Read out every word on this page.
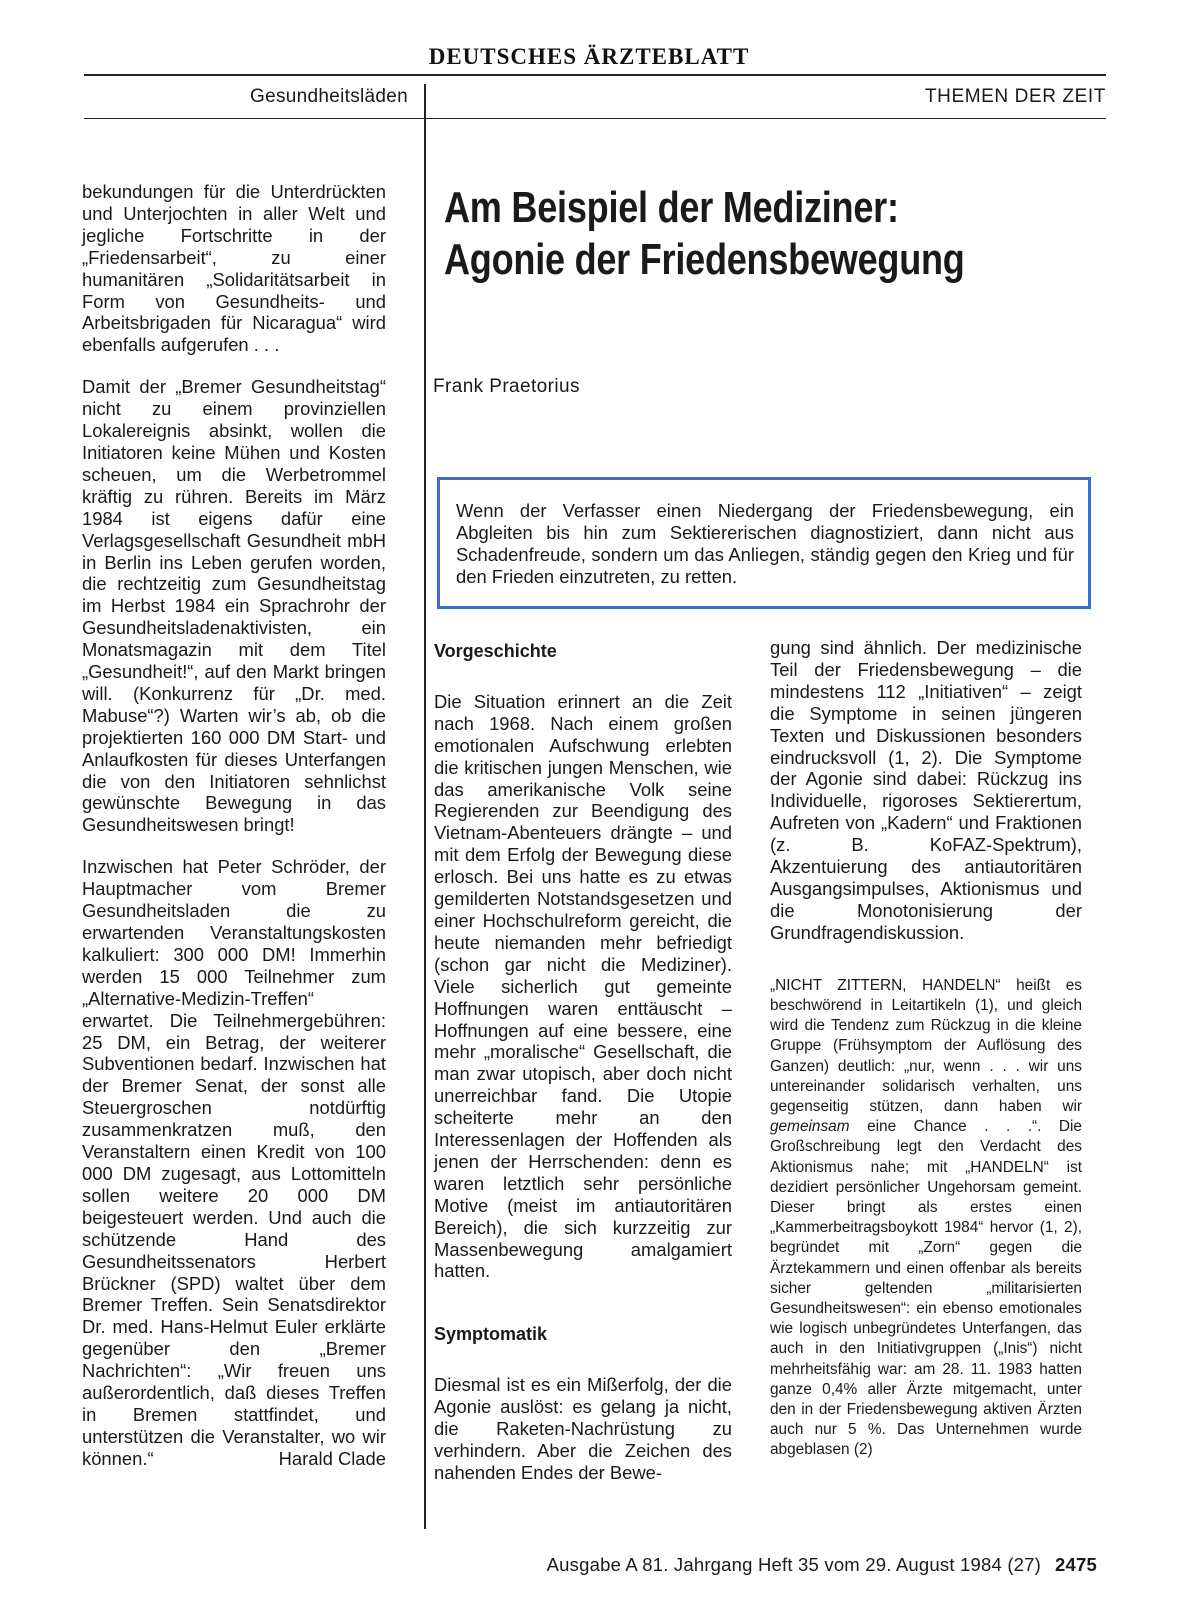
DEUTSCHES ÄRZTEBLATT
Gesundheitsläden	THEMEN DER ZEIT

bekundungen für die Unterdrückten und Unterjochten in aller Welt und jegliche Fortschritte in der „Friedensarbeit“, zu einer humanitären „Solidaritätsarbeit in Form von Gesundheits- und Arbeitsbrigaden für Nicaragua“ wird ebenfalls aufgerufen . . .

Damit der „Bremer Gesundheitstag“ nicht zu einem provinziellen Lokalereignis absinkt, wollen die Initiatoren keine Mühen und Kosten scheuen, um die Werbetrommel kräftig zu rühren. Bereits im März 1984 ist eigens dafür eine Verlagsgesellschaft Gesundheit mbH in Berlin ins Leben gerufen worden, die rechtzeitig zum Gesundheitstag im Herbst 1984 ein Sprachrohr der Gesundheitsladenaktivisten, ein Monatsmagazin mit dem Titel „Gesundheit!“, auf den Markt bringen will. (Konkurrenz für „Dr. med. Mabuse“?) Warten wir’s ab, ob die projektierten 160 000 DM Start- und Anlaufkosten für dieses Unterfangen die von den Initiatoren sehnlichst gewünschte Bewegung in das Gesundheitswesen bringt!

Inzwischen hat Peter Schröder, der Hauptmacher vom Bremer Gesundheitsladen die zu erwartenden Veranstaltungskosten kalkuliert: 300 000 DM! Immerhin werden 15 000 Teilnehmer zum „Alternative-Medizin-Treffen“ erwartet. Die Teilnehmergebühren: 25 DM, ein Betrag, der weiterer Subventionen bedarf. Inzwischen hat der Bremer Senat, der sonst alle Steuergroschen notdürftig zusammenkratzen muß, den Veranstaltern einen Kredit von 100 000 DM zugesagt, aus Lottomitteln sollen weitere 20 000 DM beigesteuert werden. Und auch die schützende Hand des Gesundheitssenators Herbert Brückner (SPD) waltet über dem Bremer Treffen. Sein Senatsdirektor Dr. med. Hans-Helmut Euler erklärte gegenüber den „Bremer Nachrichten“: „Wir freuen uns außerordentlich, daß dieses Treffen in Bremen stattfindet, und unterstützen die Veranstalter, wo wir können.“	Harald Clade
Am Beispiel der Mediziner:
Agonie der Friedensbewegung
Frank Praetorius
Wenn der Verfasser einen Niedergang der Friedensbewegung, ein Abgleiten bis hin zum Sektiererischen diagnostiziert, dann nicht aus Schadenfreude, sondern um das Anliegen, ständig gegen den Krieg und für den Frieden einzutreten, zu retten.
Vorgeschichte

Die Situation erinnert an die Zeit nach 1968. Nach einem großen emotionalen Aufschwung erlebten die kritischen jungen Menschen, wie das amerikanische Volk seine Regierenden zur Beendigung des Vietnam-Abenteuers drängte – und mit dem Erfolg der Bewegung diese erlosch. Bei uns hatte es zu etwas gemilderten Notstandsgesetzen und einer Hochschulreform gereicht, die heute niemanden mehr befriedigt (schon gar nicht die Mediziner). Viele sicherlich gut gemeinte Hoffnungen waren enttäuscht – Hoffnungen auf eine bessere, eine mehr „moralische“ Gesellschaft, die man zwar utopisch, aber doch nicht unerreichbar fand. Die Utopie scheiterte mehr an den Interessenlagen der Hoffenden als jenen der Herrschenden: denn es waren letztlich sehr persönliche Motive (meist im antiautoritären Bereich), die sich kurzzeitig zur Massenbewegung amalgamiert hatten.

Symptomatik

Diesmal ist es ein Mißerfolg, der die Agonie auslöst: es gelang ja nicht, die Raketen-Nachrüstung zu verhindern. Aber die Zeichen des nahenden Endes der Bewe-

gung sind ähnlich. Der medizinische Teil der Friedensbewegung – die mindestens 112 „Initiativen“ – zeigt die Symptome in seinen jüngeren Texten und Diskussionen besonders eindrucksvoll (1, 2). Die Symptome der Agonie sind dabei: Rückzug ins Individuelle, rigoroses Sektierertum, Aufreten von „Kadern“ und Fraktionen (z. B. KoFAZ-Spektrum), Akzentuierung des antiautoritären Ausgangsimpulses, Aktionismus und die Monotonisierung der Grundfragendiskussion.

„NICHT ZITTERN, HANDELN“ heißt es beschwörend in Leitartikeln (1), und gleich wird die Tendenz zum Rückzug in die kleine Gruppe (Frühsymptom der Auflösung des Ganzen) deutlich: „nur, wenn . . . wir uns untereinander solidarisch verhalten, uns gegenseitig stützen, dann haben wir gemeinsam eine Chance . . .“. Die Großschreibung legt den Verdacht des Aktionismus nahe; mit „HANDELN“ ist dezidiert persönlicher Ungehorsam gemeint. Dieser bringt als erstes einen „Kammerbeitragsboykott 1984“ hervor (1, 2), begründet mit „Zorn“ gegen die Ärztekammern und einen offenbar als bereits sicher geltenden „militarisierten Gesundheitswesen“: ein ebenso emotionales wie logisch unbegründetes Unterfangen, das auch in den Initiativgruppen („Inis“) nicht mehrheitsfähig war: am 28. 11. 1983 hatten ganze 0,4% aller Ärzte mitgemacht, unter den in der Friedensbewegung aktiven Ärzten auch nur 5 %. Das Unternehmen wurde abgeblasen (2)

Ausgabe A 81. Jahrgang Heft 35 vom 29. August 1984 (27) 2475
